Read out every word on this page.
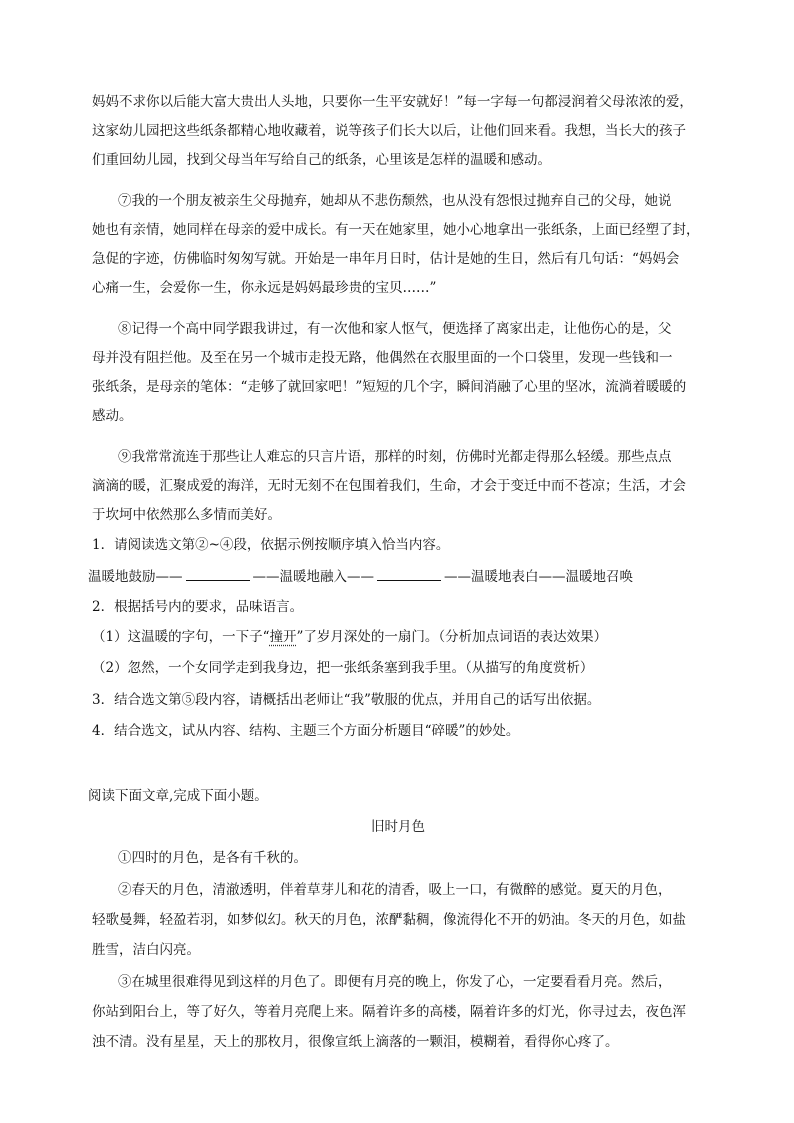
妈妈不求你以后能大富大贵出人头地，只要你一生平安就好！”每一字每一句都浸润着父母浓浓的爱，
这家幼儿园把这些纸条都精心地收藏着，说等孩子们长大以后，让他们回来看。我想，当长大的孩子
们重回幼儿园，找到父母当年写给自己的纸条，心里该是怎样的温暖和感动。
⑦我的一个朋友被亲生父母抛弃，她却从不悲伤颓然，也从没有怨恨过抛弃自己的父母，她说
她也有亲情，她同样在母亲的爱中成长。有一天在她家里，她小心地拿出一张纸条，上面已经塑了封，
急促的字迹，仿佛临时匆匆写就。开始是一串年月日时，估计是她的生日，然后有几句话：“妈妈会
心痛一生，会爱你一生，你永远是妈妈最珍贵的宝贝……”
⑧记得一个高中同学跟我讲过，有一次他和家人怄气，便选择了离家出走，让他伤心的是，父
母并没有阻拦他。及至在另一个城市走投无路，他偶然在衣服里面的一个口袋里，发现一些钱和一
张纸条，是母亲的笔体：“走够了就回家吧！”短短的几个字，瞬间消融了心里的坚冰，流淌着暖暖的
感动。
⑨我常常流连于那些让人难忘的只言片语，那样的时刻，仿佛时光都走得那么轻缓。那些点点
滴滴的暖，汇聚成爱的海洋，无时无刻不在包围着我们，生命，才会于变迁中而不苍凉；生活，才会
于坎坷中依然那么多情而美好。
1．请阅读选文第②~④段，依据示例按顺序填入恰当内容。
温暖地鼓励——	——温暖地融入——	——温暖地表白——温暖地召唤
2．根据括号内的要求，品味语言。
（1）这温暖的字句，一下子“撞开”了岁月深处的一扇门。（分析加点词语的表达效果）
（2）忽然，一个女同学走到我身边，把一张纸条塞到我手里。（从描写的角度赏析）
3．结合选文第⑤段内容，请概括出老师让“我”敬服的优点，并用自己的话写出依据。
4．结合选文，试从内容、结构、主题三个方面分析题目“碎暖”的妙处。
阅读下面文章,完成下面小题。
旧时月色
①四时的月色，是各有千秋的。
②春天的月色，清澈透明，伴着草芽儿和花的清香，吸上一口，有微醉的感觉。夏天的月色，
轻歌曼舞，轻盈若羽，如梦似幻。秋天的月色，浓酽黏稠，像流得化不开的奶油。冬天的月色，如盐
胜雪，洁白闪亮。
③在城里很难得见到这样的月色了。即便有月亮的晚上，你发了心，一定要看看月亮。然后，
你站到阳台上，等了好久，等着月亮爬上来。隔着许多的高楼，隔着许多的灯光，你寻过去，夜色浑
浊不清。没有星星，天上的那枚月，很像宣纸上滴落的一颗泪，模糊着，看得你心疼了。
